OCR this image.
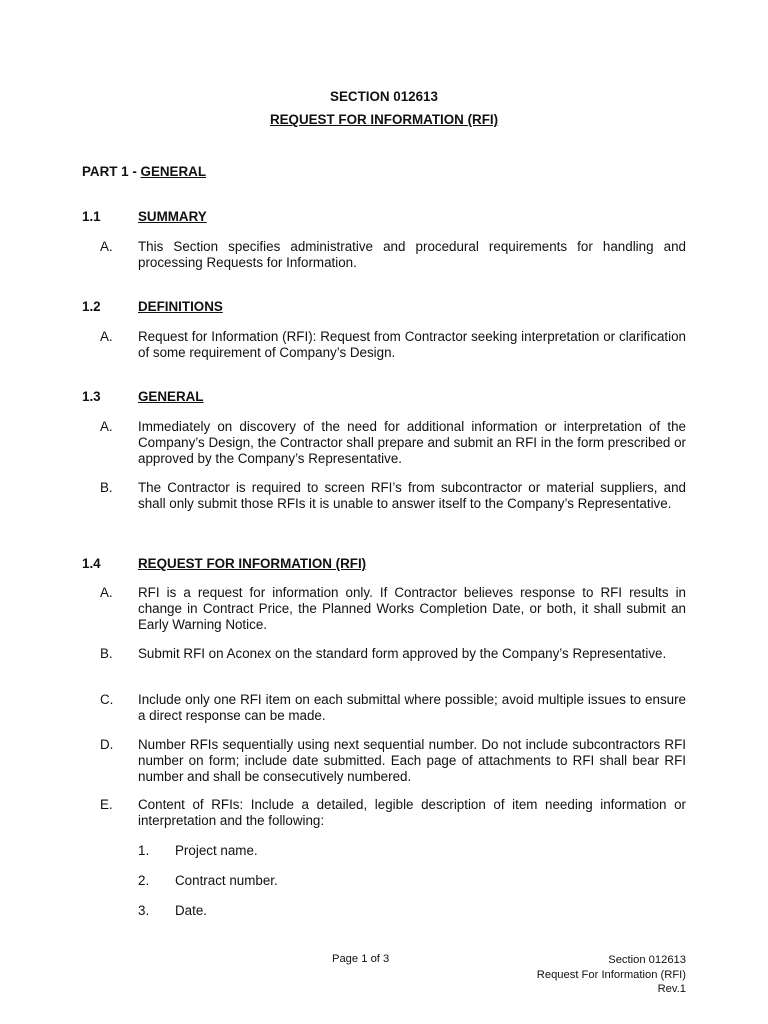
SECTION 012613
REQUEST FOR INFORMATION (RFI)
PART 1 - GENERAL
1.1	SUMMARY
A.	This Section specifies administrative and procedural requirements for handling and processing Requests for Information.
1.2	DEFINITIONS
A.	Request for Information (RFI): Request from Contractor seeking interpretation or clarification of some requirement of Company’s Design.
1.3	GENERAL
A.	Immediately on discovery of the need for additional information or interpretation of the Company’s Design, the Contractor shall prepare and submit an RFI in the form prescribed or approved by the Company’s Representative.
B.	The Contractor is required to screen RFI’s from subcontractor or material suppliers, and shall only submit those RFIs it is unable to answer itself to the Company’s Representative.
1.4	REQUEST FOR INFORMATION (RFI)
A.	RFI is a request for information only. If Contractor believes response to RFI results in change in Contract Price, the Planned Works Completion Date, or both, it shall submit an Early Warning Notice.
B.	Submit RFI on Aconex on the standard form approved by the Company’s Representative.
C.	Include only one RFI item on each submittal where possible; avoid multiple issues to ensure a direct response can be made.
D.	Number RFIs sequentially using next sequential number. Do not include subcontractors RFI number on form; include date submitted. Each page of attachments to RFI shall bear RFI number and shall be consecutively numbered.
E.	Content of RFIs: Include a detailed, legible description of item needing information or interpretation and the following:
1. Project name.
2. Contract number.
3. Date.
Page 1 of 3	Section 012613
Request For Information (RFI)
Rev.1
